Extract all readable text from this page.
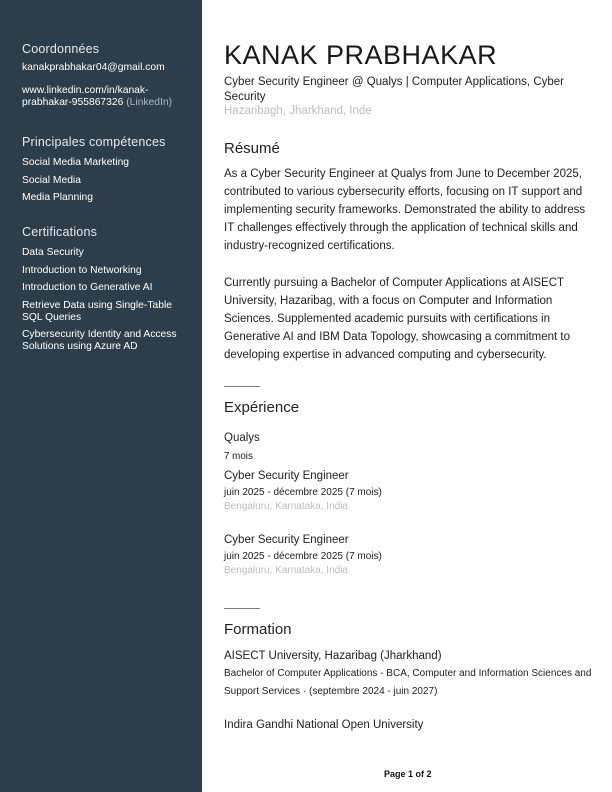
Coordonnées

kanakprabhakar04@gmail.com

www.linkedin.com/in/kanak-
prabhakar-955867326 (LinkedIn)

Principales compétences

Social Media Marketing

Social Media

Media Planning

Certifications

Data Security

Introduction to Networking

Introduction to Generative AI

Retrieve Data using Single-Table SQL Queries

Cybersecurity Identity and Access Solutions using Azure AD

KANAK PRABHAKAR
Cyber Security Engineer @ Qualys | Computer Applications, Cyber Security
Hazaribagh, Jharkhand, Inde
Résumé

As a Cyber Security Engineer at Qualys from June to December 2025, contributed to various cybersecurity efforts, focusing on IT support and implementing security frameworks. Demonstrated the ability to address IT challenges effectively through the application of technical skills and industry-recognized certifications.

Currently pursuing a Bachelor of Computer Applications at AISECT University, Hazaribag, with a focus on Computer and Information Sciences. Supplemented academic pursuits with certifications in Generative AI and IBM Data Topology, showcasing a commitment to developing expertise in advanced computing and cybersecurity.

Expérience
Qualys
7 mois
Cyber Security Engineer
juin 2025 - décembre 2025 (7 mois)
Bengaluru, Karnataka, India
Cyber Security Engineer
juin 2025 - décembre 2025 (7 mois)
Bengaluru, Karnataka, India
Formation
AISECT University, Hazaribag (Jharkhand)
Bachelor of Computer Applications - BCA, Computer and Information Sciences and Support Services · (septembre 2024 - juin 2027)
Indira Gandhi National Open University
Page 1 of 2
